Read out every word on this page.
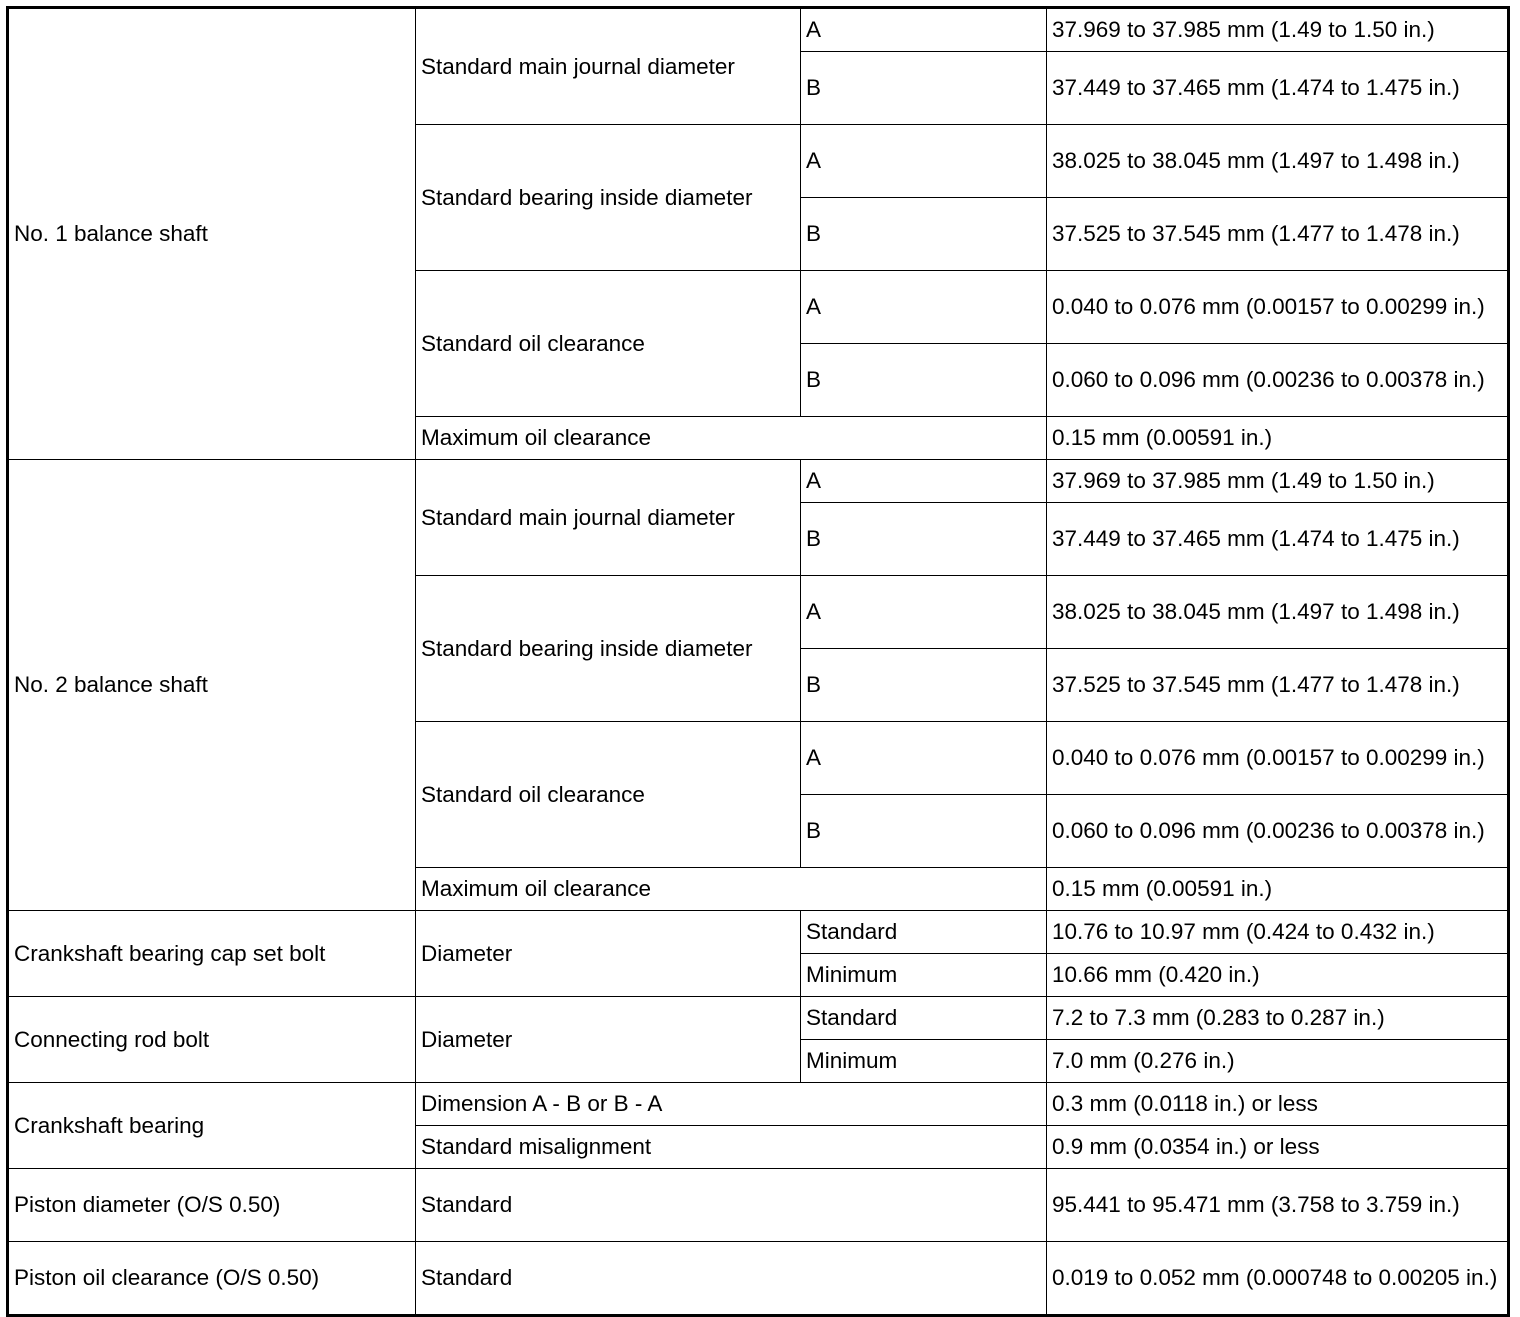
No. 1 balance shaft	Standard main journal diameter	A	37.969 to 37.985 mm (1.49 to 1.50 in.)
		B	37.449 to 37.465 mm (1.474 to 1.475 in.)
	Standard bearing inside diameter	A	38.025 to 38.045 mm (1.497 to 1.498 in.)
		B	37.525 to 37.545 mm (1.477 to 1.478 in.)
	Standard oil clearance	A	0.040 to 0.076 mm (0.00157 to 0.00299 in.)
		B	0.060 to 0.096 mm (0.00236 to 0.00378 in.)
	Maximum oil clearance		0.15 mm (0.00591 in.)
No. 2 balance shaft	Standard main journal diameter	A	37.969 to 37.985 mm (1.49 to 1.50 in.)
		B	37.449 to 37.465 mm (1.474 to 1.475 in.)
	Standard bearing inside diameter	A	38.025 to 38.045 mm (1.497 to 1.498 in.)
		B	37.525 to 37.545 mm (1.477 to 1.478 in.)
	Standard oil clearance	A	0.040 to 0.076 mm (0.00157 to 0.00299 in.)
		B	0.060 to 0.096 mm (0.00236 to 0.00378 in.)
	Maximum oil clearance		0.15 mm (0.00591 in.)
Crankshaft bearing cap set bolt	Diameter	Standard	10.76 to 10.97 mm (0.424 to 0.432 in.)
		Minimum	10.66 mm (0.420 in.)
Connecting rod bolt	Diameter	Standard	7.2 to 7.3 mm (0.283 to 0.287 in.)
		Minimum	7.0 mm (0.276 in.)
Crankshaft bearing	Dimension A - B or B - A		0.3 mm (0.0118 in.) or less
	Standard misalignment		0.9 mm (0.0354 in.) or less
Piston diameter (O/S 0.50)	Standard		95.441 to 95.471 mm (3.758 to 3.759 in.)
Piston oil clearance (O/S 0.50)	Standard		0.019 to 0.052 mm (0.000748 to 0.00205 in.)
